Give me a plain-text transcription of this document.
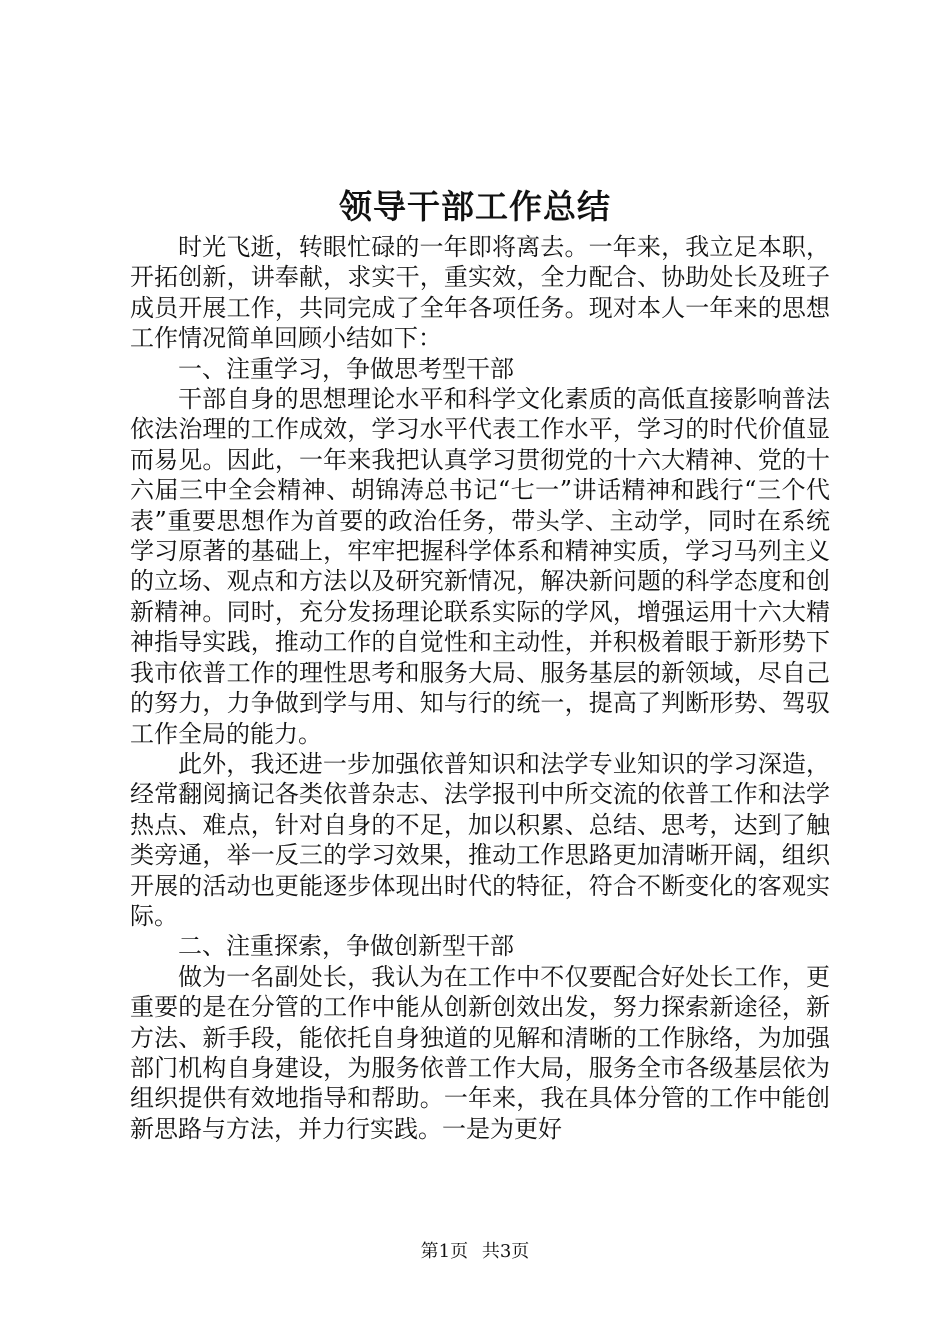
领导干部工作总结

时光飞逝，转眼忙碌的一年即将离去。一年来，我立足本职，开拓创新，讲奉献，求实干，重实效，全力配合、协助处长及班子成员开展工作，共同完成了全年各项任务。现对本人一年来的思想工作情况简单回顾小结如下：

一、注重学习，争做思考型干部

干部自身的思想理论水平和科学文化素质的高低直接影响普法依法治理的工作成效，学习水平代表工作水平，学习的时代价值显而易见。因此，一年来我把认真学习贯彻党的十六大精神、党的十六届三中全会精神、胡锦涛总书记“七一”讲话精神和践行“三个代表”重要思想作为首要的政治任务，带头学、主动学，同时在系统学习原著的基础上，牢牢把握科学体系和精神实质，学习马列主义的立场、观点和方法以及研究新情况，解决新问题的科学态度和创新精神。同时，充分发扬理论联系实际的学风，增强运用十六大精神指导实践，推动工作的自觉性和主动性，并积极着眼于新形势下我市依普工作的理性思考和服务大局、服务基层的新领域，尽自己的努力，力争做到学与用、知与行的统一，提高了判断形势、驾驭工作全局的能力。

此外，我还进一步加强依普知识和法学专业知识的学习深造，经常翻阅摘记各类依普杂志、法学报刊中所交流的依普工作和法学热点、难点，针对自身的不足，加以积累、总结、思考，达到了触类旁通，举一反三的学习效果，推动工作思路更加清晰开阔，组织开展的活动也更能逐步体现出时代的特征，符合不断变化的客观实际。

二、注重探索，争做创新型干部

做为一名副处长，我认为在工作中不仅要配合好处长工作，更重要的是在分管的工作中能从创新创效出发，努力探索新途径，新方法、新手段，能依托自身独道的见解和清晰的工作脉络，为加强部门机构自身建设，为服务依普工作大局，服务全市各级基层依为组织提供有效地指导和帮助。一年来，我在具体分管的工作中能创新思路与方法，并力行实践。一是为更好

第1页 共3页
